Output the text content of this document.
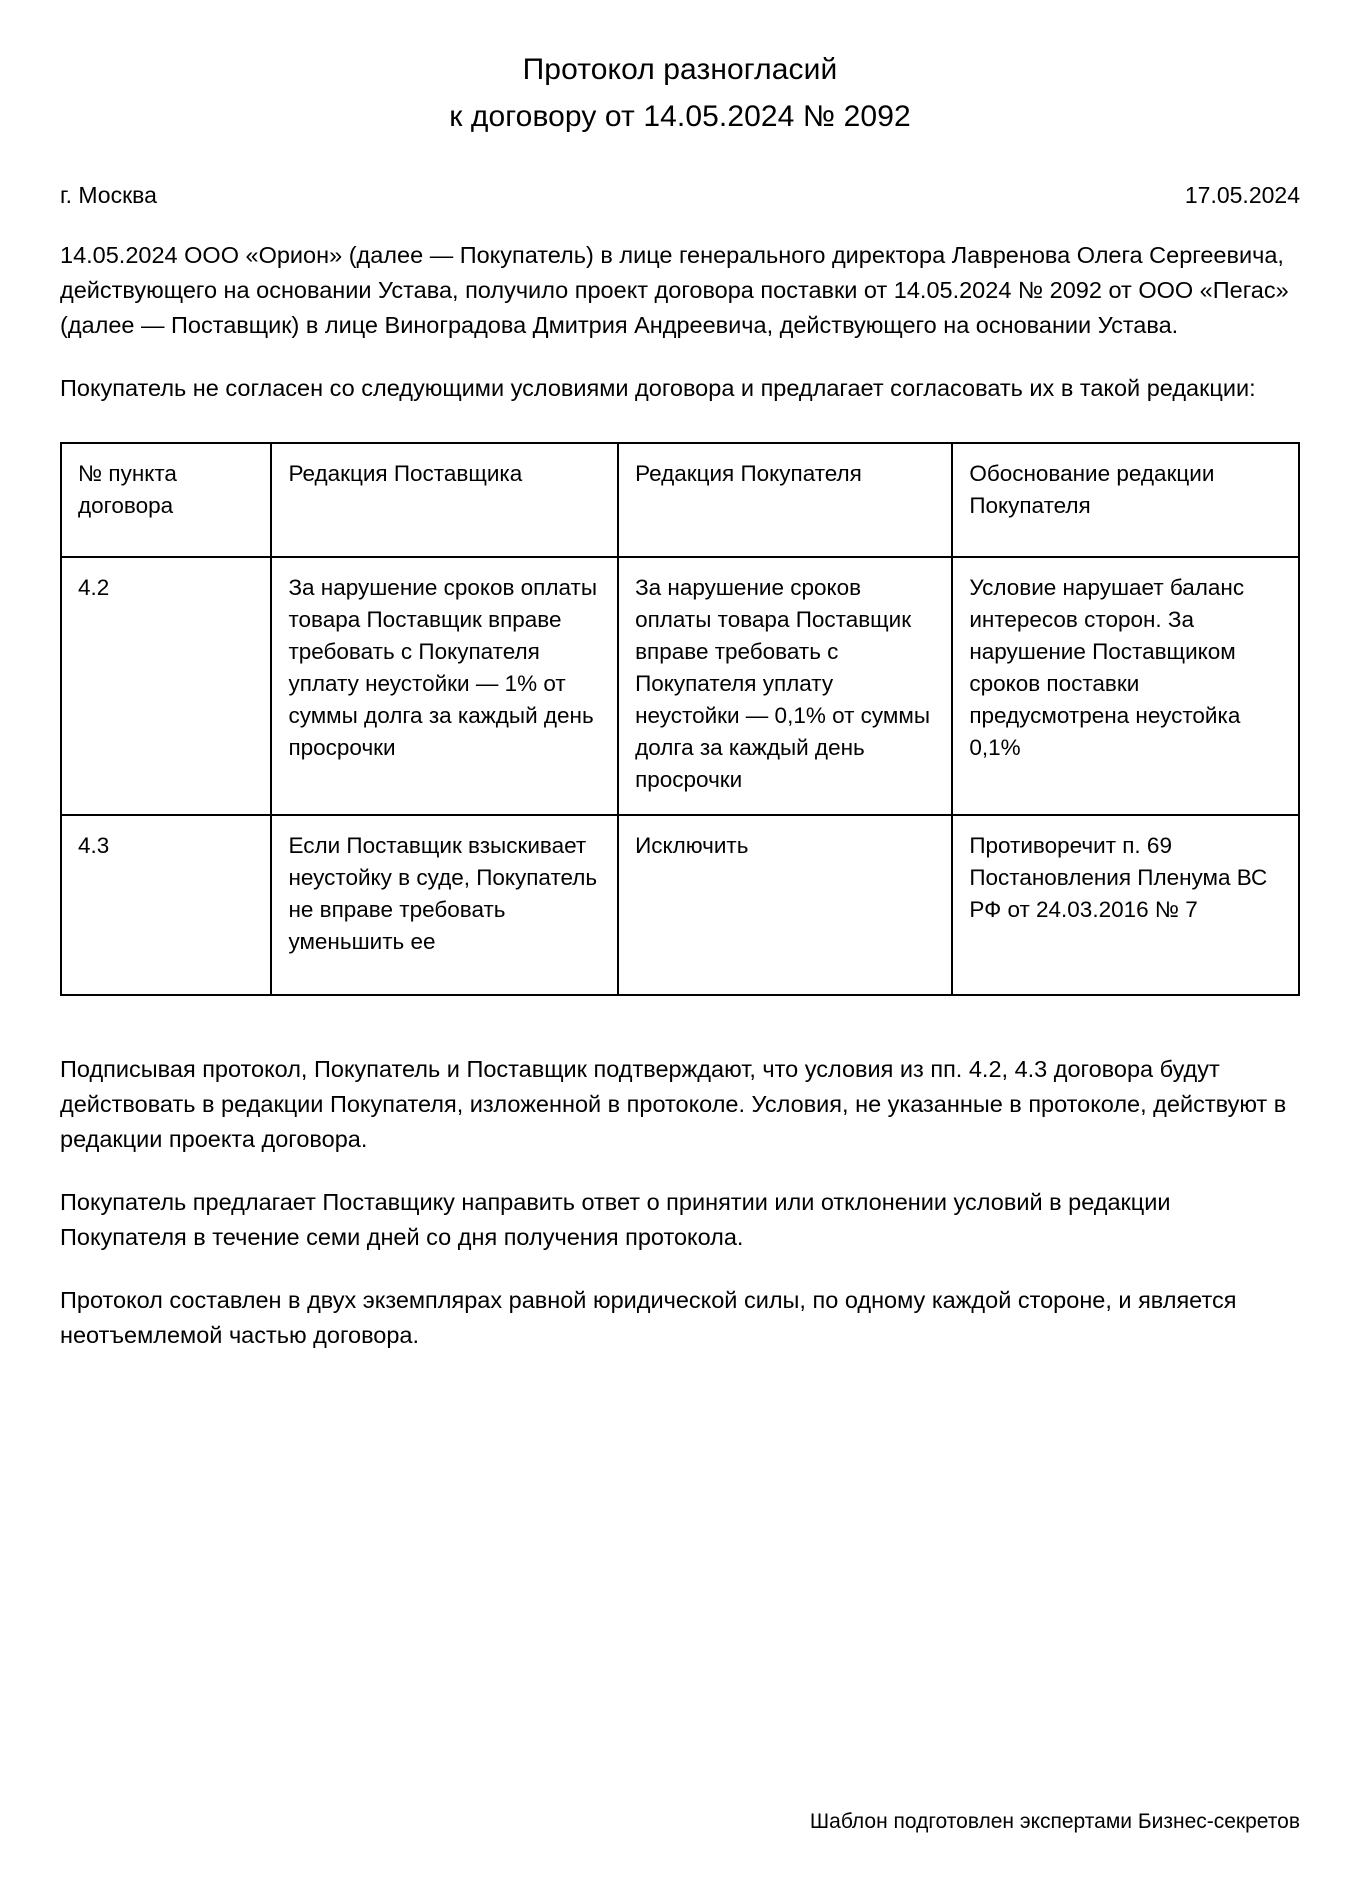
Протокол разногласий
к договору от 14.05.2024 № 2092
г. Москва	17.05.2024

14.05.2024 ООО «Орион» (далее — Покупатель) в лице генерального директора Лавренова Олега Сергеевича, действующего на основании Устава, получило проект договора поставки от 14.05.2024 № 2092 от ООО «Пегас» (далее — Поставщик) в лице Виноградова Дмитрия Андреевича, действующего на основании Устава.

Покупатель не согласен со следующими условиями договора и предлагает согласовать их в такой редакции:

№ пункта договора	Редакция Поставщика	Редакция Покупателя	Обоснование редакции Покупателя
4.2	За нарушение сроков оплаты товара Поставщик вправе требовать с Покупателя уплату неустойки — 1% от суммы долга за каждый день просрочки	За нарушение сроков оплаты товара Поставщик вправе требовать с Покупателя уплату неустойки — 0,1% от суммы долга за каждый день просрочки	Условие нарушает баланс интересов сторон. За нарушение Поставщиком сроков поставки предусмотрена неустойка 0,1%
4.3	Если Поставщик взыскивает неустойку в суде, Покупатель не вправе требовать уменьшить ее	Исключить	Противоречит п. 69 Постановления Пленума ВС РФ от 24.03.2016 № 7

Подписывая протокол, Покупатель и Поставщик подтверждают, что условия из пп. 4.2, 4.3 договора будут действовать в редакции Покупателя, изложенной в протоколе. Условия, не указанные в протоколе, действуют в редакции проекта договора.

Покупатель предлагает Поставщику направить ответ о принятии или отклонении условий в редакции Покупателя в течение семи дней со дня получения протокола.

Протокол составлен в двух экземплярах равной юридической силы, по одному каждой стороне, и является неотъемлемой частью договора.

Шаблон подготовлен экспертами Бизнес-секретов
